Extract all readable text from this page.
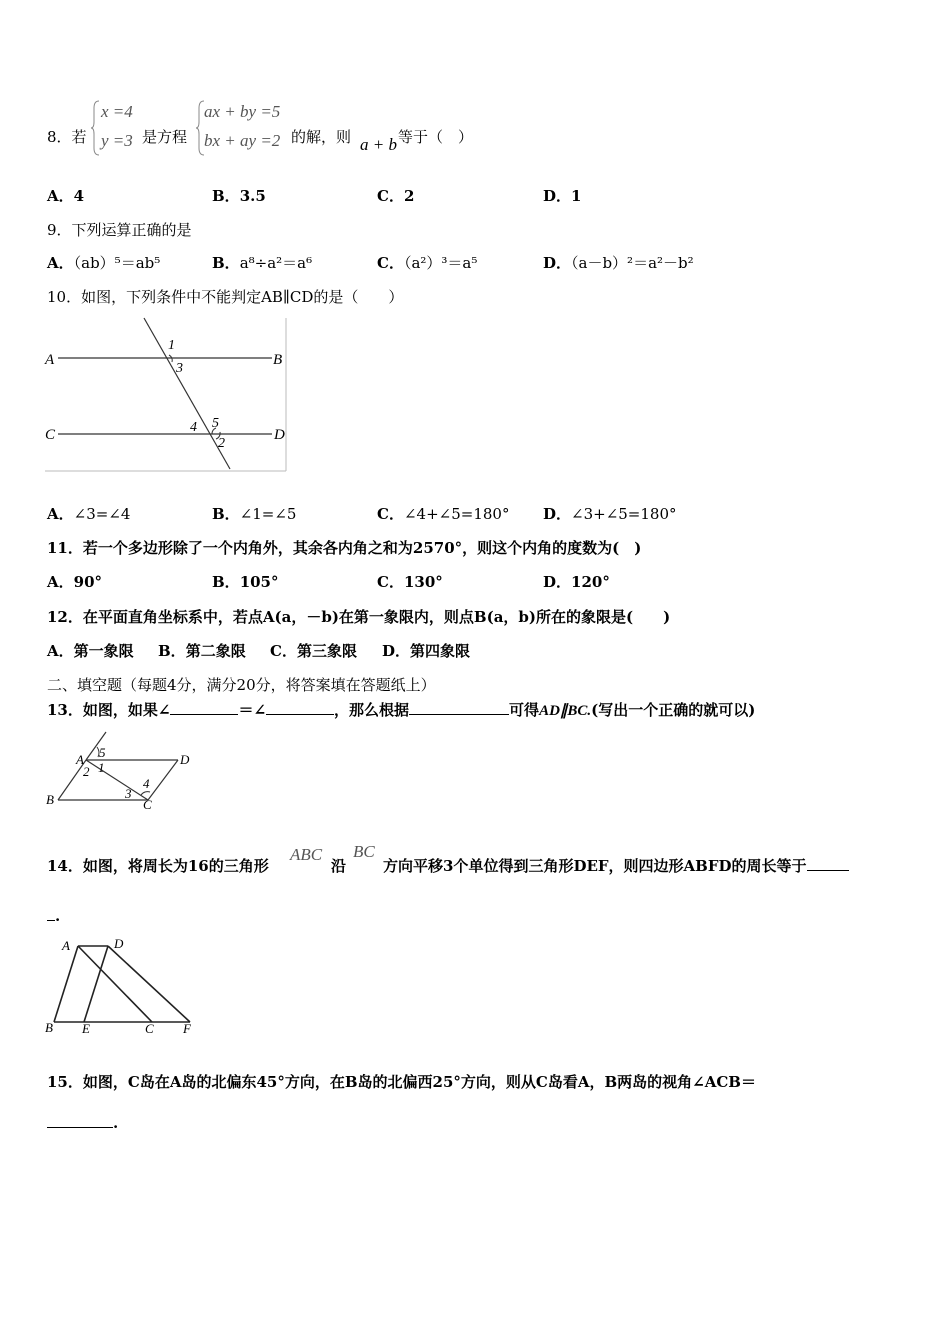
8．若
x =4
y =3 是方程
ax + by =5
bx + ay =2 的解，则 a + b 等于（　）
A．4	B．3.5	C．2	D．1
9．下列运算正确的是
A．（ab）⁵＝ab⁵	B．a⁸÷a²＝a⁶	C．（a²）³＝a⁵	D．（a－b）²＝a²－b²
10．如图，下列条件中不能判定AB∥CD的是（　　）
A	B
C	D
1
3
4 5
2
A．∠3=∠4	B．∠1=∠5	C．∠4+∠5=180° D．∠3+∠5=180°
11．若一个多边形除了一个内角外，其余各内角之和为2570°，则这个内角的度数为(　)
A．90°	B．105°	C．130°	D．120°
12．在平面直角坐标系中，若点A(a，－b)在第一象限内，则点B(a，b)所在的象限是(　　)
A．第一象限 B．第二象限 C．第三象限 D．第四象限
二、填空题（每题4分，满分20分，将答案填在答题纸上）
13．如图，如果∠	＝∠	，那么根据	可得AD∥BC.(写出一个正确的就可以)
A 5
2 1
D
B	3
4
C
14．如图，将周长为16的三角形
ABC
沿
BC
方向平移3个单位得到三角形DEF，则四边形ABFD的周长等于
.
A	D
B E	C F
15．如图，C岛在A岛的北偏东45°方向，在B岛的北偏西25°方向，则从C岛看A，B两岛的视角∠ACB＝
.
